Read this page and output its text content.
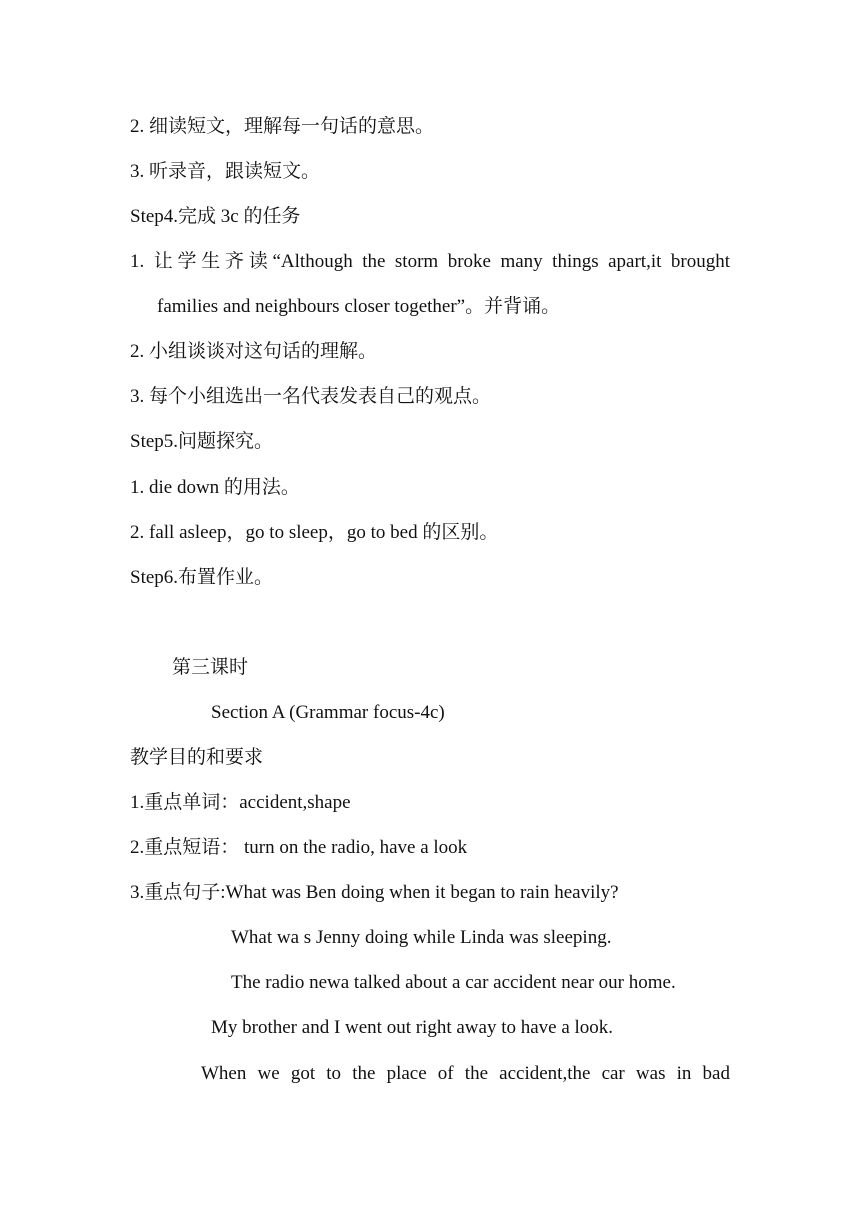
2. 细读短文，理解每一句话的意思。
3. 听录音，跟读短文。
Step4.完成 3c 的任务
1. 让学生齐读“Although the storm broke many things apart,it brought
families and neighbours closer together”。并背诵。
2. 小组谈谈对这句话的理解。
3. 每个小组选出一名代表发表自己的观点。
Step5.问题探究。
1. die down 的用法。
2. fall asleep，go to sleep，go to bed 的区别。
Step6.布置作业。
第三课时
Section A (Grammar focus-4c)
教学目的和要求
1.重点单词：accident,shape
2.重点短语： turn on the radio, have a look
3.重点句子:What was Ben doing when it began to rain heavily?
What wa s Jenny doing while Linda was sleeping.
The radio newa talked about a car accident near our home.
My brother and I went out right away to have a look.
When we got to the place of the accident,the car was in bad
